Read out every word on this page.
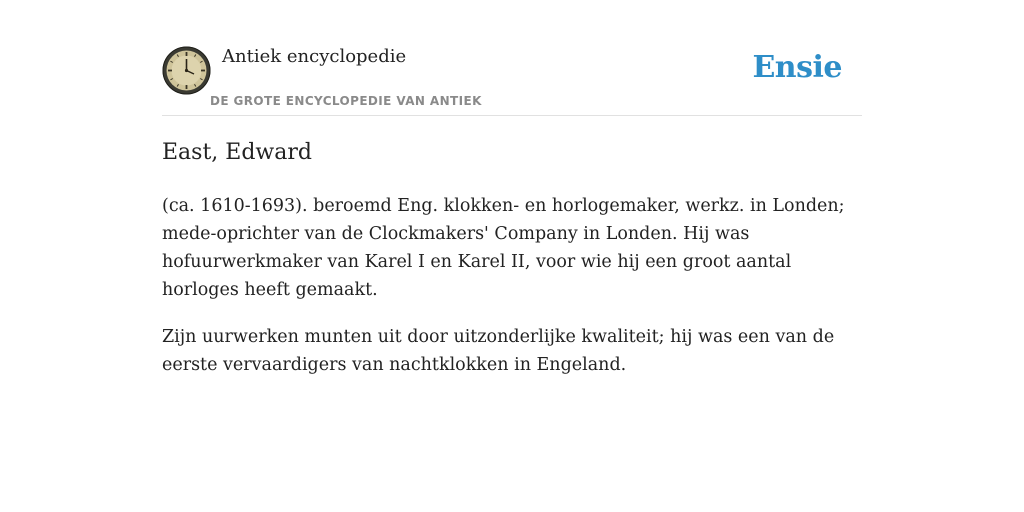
Antiek encyclopedie
DE GROTE ENCYCLOPEDIE VAN ANTIEK
Ensie
East, Edward

(ca. 1610-1693). beroemd Eng. klokken- en horlogemaker, werkz. in Londen; mede-oprichter van de Clockmakers' Company in Londen. Hij was hofuurwerkmaker van Karel I en Karel II, voor wie hij een groot aantal horloges heeft gemaakt.

Zijn uurwerken munten uit door uitzonderlijke kwaliteit; hij was een van de eerste vervaardigers van nachtklokken in Engeland.
